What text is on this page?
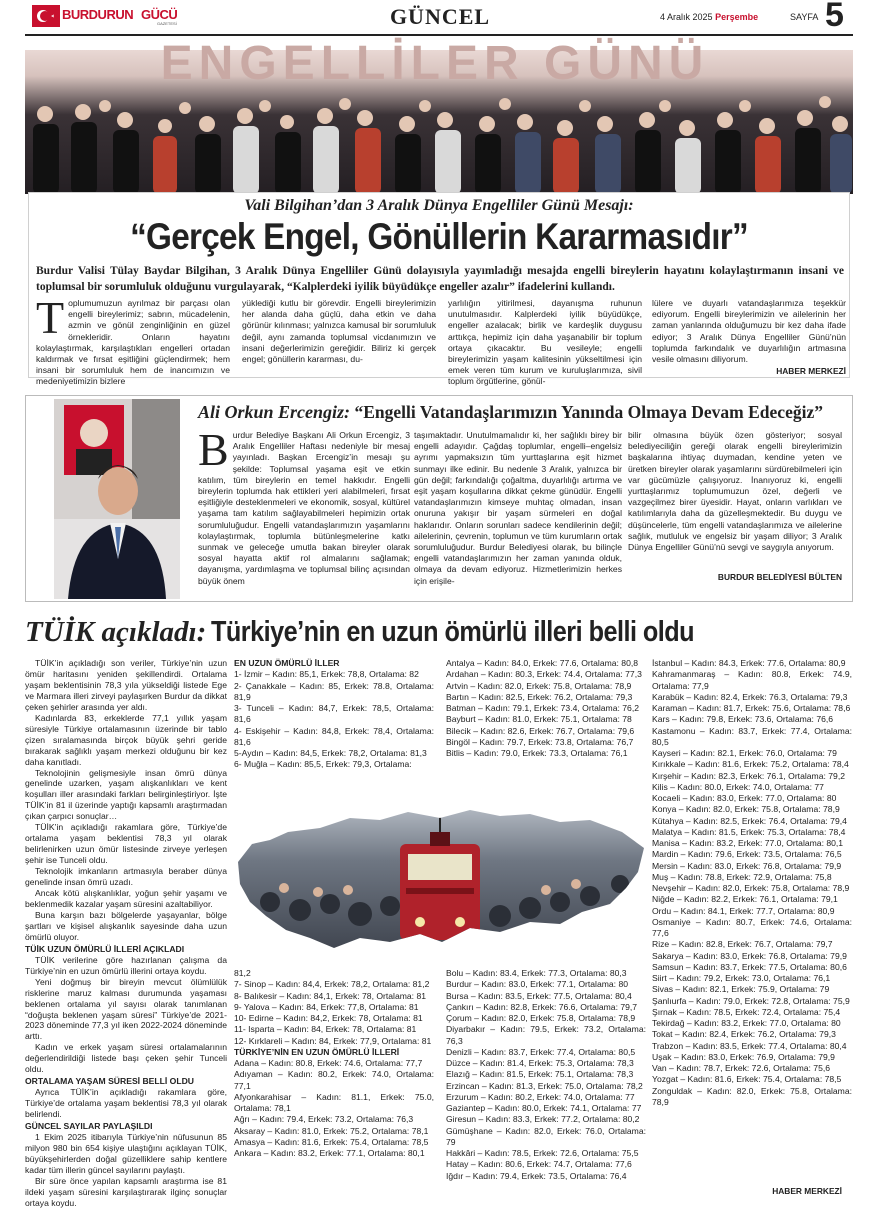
BURDURUN GÜCÜ
GAZETESİ	GÜNCEL	4 Aralık 2025 Perşembe	SAYFA 5
ENGELLİLER GÜNÜ
Vali Bilgihan’dan 3 Aralık Dünya Engelliler Günü Mesajı:
“Gerçek Engel, Gönüllerin Kararmasıdır”
Burdur Valisi Tülay Baydar Bilgihan, 3 Aralık Dünya Engelliler Günü dolayısıyla yayımladığı mesajda engelli bireylerin hayatını kolaylaştırmanın insani ve toplumsal bir sorumluluk olduğunu vurgulayarak, “Kalplerdeki iyilik büyüdükçe engeller azalır” ifadelerini kullandı.
Toplumumuzun ayrılmaz bir parçası olan engelli bireylerimiz; sabrın, mücadelenin, azmin ve gönül zenginliğinin en güzel örnekleridir. Onların hayatını kolaylaştırmak, karşılaştıkları engelleri ortadan kaldırmak ve fırsat eşitliğini güçlendirmek; hem insani bir sorumluluk hem de inancımızın ve medeniyetimizin bizlere
yüklediği kutlu bir görevdir. Engelli bireylerimizin her alanda daha güçlü, daha etkin ve daha görünür kılınması; yalnızca kamusal bir sorumluluk değil, aynı zamanda toplumsal vicdanımızın ve insani değerlerimizin gereğidir. Biliriz ki gerçek engel; gönüllerin kararması, du-
yarlılığın yitirilmesi, dayanışma ruhunun unutulmasıdır. Kalplerdeki iyilik büyüdükçe, engeller azalacak; birlik ve kardeşlik duygusu arttıkça, hepimiz için daha yaşanabilir bir toplum ortaya çıkacaktır. Bu vesileyle; engelli bireylerimizin yaşam kalitesinin yükseltilmesi için emek veren tüm kurum ve kuruluşlarımıza, sivil toplum örgütlerine, gönül-
lülere ve duyarlı vatandaşlarımıza teşekkür ediyorum. Engelli bireylerimizin ve ailelerinin her zaman yanlarında olduğumuzu bir kez daha ifade ediyor; 3 Aralık Dünya Engelliler Günü’nün toplumda farkındalık ve duyarlılığın artmasına vesile olmasını diliyorum.
HABER MERKEZİ
Ali Orkun Ercengiz: “Engelli Vatandaşlarımızın Yanında Olmaya Devam Edeceğiz”
Burdur Belediye Başkanı Ali Orkun Ercengiz, 3 Aralık Engelliler Haftası nedeniyle bir mesaj yayınladı. Başkan Ercengiz’in mesajı şu şekilde: Toplumsal yaşama eşit ve etkin katılım, tüm bireylerin en temel hakkıdır. Engelli bireylerin toplumda hak ettikleri yeri alabilmeleri, fırsat eşitliğiyle desteklenmeleri ve ekonomik, sosyal, kültürel yaşama tam katılım sağlayabilmeleri hepimizin ortak sorumluluğudur. Engelli vatandaşlarımızın yaşamlarını kolaylaştırmak, toplumla bütünleşmelerine katkı sunmak ve geleceğe umutla bakan bireyler olarak sosyal hayatta aktif rol almalarını sağlamak; dayanışma, yardımlaşma ve toplumsal bilinç açısından büyük önem
taşımaktadır. Unutulmamalıdır ki, her sağlıklı birey bir engelli adayıdır. Çağdaş toplumlar, engelli–engelsiz ayrımı yapmaksızın tüm yurttaşlarına eşit hizmet sunmayı ilke edinir. Bu nedenle 3 Aralık, yalnızca bir gün değil; farkındalığı çoğaltma, duyarlılığı artırma ve eşit yaşam koşullarına dikkat çekme günüdür. Engelli vatandaşlarımızın kimseye muhtaç olmadan, insan onuruna yakışır bir yaşam sürmeleri en doğal haklarıdır. Onların sorunları sadece kendilerinin değil; ailelerinin, çevrenin, toplumun ve tüm kurumların ortak sorumluluğudur. Burdur Belediyesi olarak, bu bilinçle engelli vatandaşlarımızın her zaman yanında olduk, olmaya da devam ediyoruz. Hizmetlerimizin herkes için erişile-
bilir olmasına büyük özen gösteriyor; sosyal belediyeciliğin gereği olarak engelli bireylerimizin başkalarına ihtiyaç duymadan, kendine yeten ve üretken bireyler olarak yaşamlarını sürdürebilmeleri için var gücümüzle çalışıyoruz. İnanıyoruz ki, engelli yurttaşlarımız toplumumuzun özel, değerli ve vazgeçilmez birer üyesidir. Hayat, onların varlıkları ve katılımlarıyla daha da güzelleşmektedir. Bu duygu ve düşüncelerle, tüm engelli vatandaşlarımıza ve ailelerine sağlık, mutluluk ve engelsiz bir yaşam diliyor; 3 Aralık Dünya Engelliler Günü’nü sevgi ve saygıyla anıyorum.
BURDUR BELEDİYESİ BÜLTEN
TÜİK açıkladı: Türkiye’nin en uzun ömürlü illeri belli oldu

TÜİK’in açıkladığı son veriler, Türkiye’nin uzun ömür haritasını yeniden şekillendirdi. Ortalama yaşam beklentisinin 78,3 yıla yükseldiği listede Ege ve Marmara illeri zirveyi paylaşırken Burdur da dikkat çeken şehirler arasında yer aldı.

Kadınlarda 83, erkeklerde 77,1 yıllık yaşam süresiyle Türkiye ortalamasının üzerinde bir tablo çizen sıralamasında birçok büyük şehri geride bırakarak sağlıklı yaşam merkezi olduğunu bir kez daha kanıtladı.

Teknolojinin gelişmesiyle insan ömrü dünya genelinde uzarken, yaşam alışkanlıkları ve kent koşulları iller arasındaki farkları belirginleştiriyor. İşte TÜİK’in 81 il üzerinde yaptığı kapsamlı araştırmadan çıkan çarpıcı sonuçlar…

TÜİK’in açıkladığı rakamlara göre, Türkiye’de ortalama yaşam beklentisi 78,3 yıl olarak belirlenirken uzun ömür listesinde zirveye yerleşen şehir ise Tunceli oldu.

Teknolojik imkanların artmasıyla beraber dünya genelinde insan ömrü uzadı.

Ancak kötü alışkanlıklar, yoğun şehir yaşamı ve beklenmedik kazalar yaşam süresini azaltabiliyor.

Buna karşın bazı bölgelerde yaşayanlar, bölge şartları ve kişisel alışkanlık sayesinde daha uzun ömürlü oluyor.

TÜİK UZUN ÖMÜRLÜ İLLERİ AÇIKLADI

TÜİK verilerine göre hazırlanan çalışma da Türkiye’nin en uzun ömürlü illerini ortaya koydu.

Yeni doğmuş bir bireyin mevcut ölümlülük risklerine maruz kalması durumunda yaşaması beklenen ortalama yıl sayısı olarak tanımlanan “doğuşta beklenen yaşam süresi” Türkiye’de 2021-2023 döneminde 77,3 yıl iken 2022-2024 döneminde arttı.

Kadın ve erkek yaşam süresi ortalamalarının değerlendirildiği listede başı çeken şehir Tunceli oldu.

ORTALAMA YAŞAM SÜRESİ BELLİ OLDU

Ayrıca TÜİK’in açıkladığı rakamlara göre, Türkiye’de ortalama yaşam beklentisi 78,3 yıl olarak belirlendi.

GÜNCEL SAYILAR PAYLAŞILDI

1 Ekim 2025 itibarıyla Türkiye’nin nüfusunun 85 milyon 980 bin 654 kişiye ulaştığını açıklayan TÜİK, büyükşehirlerden doğal güzelliklere sahip kentlere kadar tüm illerin güncel sayılarını paylaştı.

Bir süre önce yapılan kapsamlı araştırma ise 81 ildeki yaşam süresini karşılaştırarak ilginç sonuçlar ortaya koydu.

EN UZUN ÖMÜRLÜ İLLER
1- İzmir – Kadın: 85,1, Erkek: 78,8, Ortalama: 82
2- Çanakkale – Kadın: 85, Erkek: 78.8, Ortalama: 81,9
3- Tunceli – Kadın: 84,7, Erkek: 78,5, Ortalama: 81,6
4- Eskişehir – Kadın: 84,8, Erkek: 78,4, Ortalama: 81,6
5-Aydın – Kadın: 84,5, Erkek: 78,2, Ortalama: 81,3
6- Muğla – Kadın: 85,5, Erkek: 79,3, Ortalama:
81,2
7- Sinop – Kadın: 84,4, Erkek: 78,2, Ortalama: 81,2
8- Balıkesir – Kadın: 84,1, Erkek: 78, Ortalama: 81
9- Yalova – Kadın: 84, Erkek: 77,8, Ortalama: 81
10- Edirne – Kadın: 84,2, Erkek: 78, Ortalama: 81
11- Isparta – Kadın: 84, Erkek: 78, Ortalama: 81
12- Kırklareli – Kadın: 84, Erkek: 77,9, Ortalama: 81
TÜRKİYE’NİN EN UZUN ÖMÜRLÜ İLLERİ
Adana – Kadın: 80.8, Erkek: 74.6, Ortalama: 77,7
Adıyaman – Kadın: 80.2, Erkek: 74.0, Ortalama: 77,1
Afyonkarahisar – Kadın: 81.1, Erkek: 75.0, Ortalama: 78,1
Ağrı – Kadın: 79.4, Erkek: 73.2, Ortalama: 76,3
Aksaray – Kadın: 81.0, Erkek: 75.2, Ortalama: 78,1
Amasya – Kadın: 81.6, Erkek: 75.4, Ortalama: 78,5
Ankara – Kadın: 83.2, Erkek: 77.1, Ortalama: 80,1
Antalya – Kadın: 84.0, Erkek: 77.6, Ortalama: 80,8
Ardahan – Kadın: 80.3, Erkek: 74.4, Ortalama: 77,3
Artvin – Kadın: 82.0, Erkek: 75.8, Ortalama: 78,9
Bartın – Kadın: 82.5, Erkek: 76.2, Ortalama: 79,3
Batman – Kadın: 79.1, Erkek: 73.4, Ortalama: 76,2
Bayburt – Kadın: 81.0, Erkek: 75.1, Ortalama: 78
Bilecik – Kadın: 82.6, Erkek: 76.7, Ortalama: 79,6
Bingöl – Kadın: 79.7, Erkek: 73.8, Ortalama: 76,7
Bitlis – Kadın: 79.0, Erkek: 73.3, Ortalama: 76,1
Bolu – Kadın: 83.4, Erkek: 77.3, Ortalama: 80,3
Burdur – Kadın: 83.0, Erkek: 77.1, Ortalama: 80
Bursa – Kadın: 83.5, Erkek: 77.5, Ortalama: 80,4
Çankırı – Kadın: 82.8, Erkek: 76.6, Ortalama: 79,7
Çorum – Kadın: 82.0, Erkek: 75.8, Ortalama: 78,9
Diyarbakır – Kadın: 79.5, Erkek: 73.2, Ortalama: 76,3
Denizli – Kadın: 83.7, Erkek: 77.4, Ortalama: 80,5
Düzce – Kadın: 81.4, Erkek: 75.3, Ortalama: 78,3
Elazığ – Kadın: 81.5, Erkek: 75.1, Ortalama: 78,3
Erzincan – Kadın: 81.3, Erkek: 75.0, Ortalama: 78,2
Erzurum – Kadın: 80.2, Erkek: 74.0, Ortalama: 77
Gaziantep – Kadın: 80.0, Erkek: 74.1, Ortalama: 77
Giresun – Kadın: 83.3, Erkek: 77.2, Ortalama: 80,2
Gümüşhane – Kadın: 82.0, Erkek: 76.0, Ortalama: 79
Hakkâri – Kadın: 78.5, Erkek: 72.6, Ortalama: 75,5
Hatay – Kadın: 80.6, Erkek: 74.7, Ortalama: 77,6
Iğdır – Kadın: 79.4, Erkek: 73.5, Ortalama: 76,4
İstanbul – Kadın: 84.3, Erkek: 77.6, Ortalama: 80,9
Kahramanmaraş – Kadın: 80.8, Erkek: 74.9, Ortalama: 77,9
Karabük – Kadın: 82.4, Erkek: 76.3, Ortalama: 79,3
Karaman – Kadın: 81.7, Erkek: 75.6, Ortalama: 78,6
Kars – Kadın: 79.8, Erkek: 73.6, Ortalama: 76,6
Kastamonu – Kadın: 83.7, Erkek: 77.4, Ortalama: 80,5
Kayseri – Kadın: 82.1, Erkek: 76.0, Ortalama: 79
Kırıkkale – Kadın: 81.6, Erkek: 75.2, Ortalama: 78,4
Kırşehir – Kadın: 82.3, Erkek: 76.1, Ortalama: 79,2
Kilis – Kadın: 80.0, Erkek: 74.0, Ortalama: 77
Kocaeli – Kadın: 83.0, Erkek: 77.0, Ortalama: 80
Konya – Kadın: 82.0, Erkek: 75.8, Ortalama: 78,9
Kütahya – Kadın: 82.5, Erkek: 76.4, Ortalama: 79,4
Malatya – Kadın: 81.5, Erkek: 75.3, Ortalama: 78,4
Manisa – Kadın: 83.2, Erkek: 77.0, Ortalama: 80,1
Mardin – Kadın: 79.6, Erkek: 73.5, Ortalama: 76,5
Mersin – Kadın: 83.0, Erkek: 76.8, Ortalama: 79,9
Muş – Kadın: 78.8, Erkek: 72.9, Ortalama: 75,8
Nevşehir – Kadın: 82.0, Erkek: 75.8, Ortalama: 78,9
Niğde – Kadın: 82.2, Erkek: 76.1, Ortalama: 79,1
Ordu – Kadın: 84.1, Erkek: 77.7, Ortalama: 80,9
Osmaniye – Kadın: 80.7, Erkek: 74.6, Ortalama: 77,6
Rize – Kadın: 82.8, Erkek: 76.7, Ortalama: 79,7
Sakarya – Kadın: 83.0, Erkek: 76.8, Ortalama: 79,9
Samsun – Kadın: 83.7, Erkek: 77.5, Ortalama: 80,6
Siirt – Kadın: 79.2, Erkek: 73.0, Ortalama: 76,1
Sivas – Kadın: 82.1, Erkek: 75.9, Ortalama: 79
Şanlıurfa – Kadın: 79.0, Erkek: 72.8, Ortalama: 75,9
Şırnak – Kadın: 78.5, Erkek: 72.4, Ortalama: 75,4
Tekirdağ – Kadın: 83.2, Erkek: 77.0, Ortalama: 80
Tokat – Kadın: 82.4, Erkek: 76.2, Ortalama: 79,3
Trabzon – Kadın: 83.5, Erkek: 77.4, Ortalama: 80,4
Uşak – Kadın: 83.0, Erkek: 76.9, Ortalama: 79,9
Van – Kadın: 78.7, Erkek: 72.6, Ortalama: 75,6
Yozgat – Kadın: 81.6, Erkek: 75.4, Ortalama: 78,5
Zonguldak – Kadın: 82.0, Erkek: 75.8, Ortalama: 78,9
HABER MERKEZİ
